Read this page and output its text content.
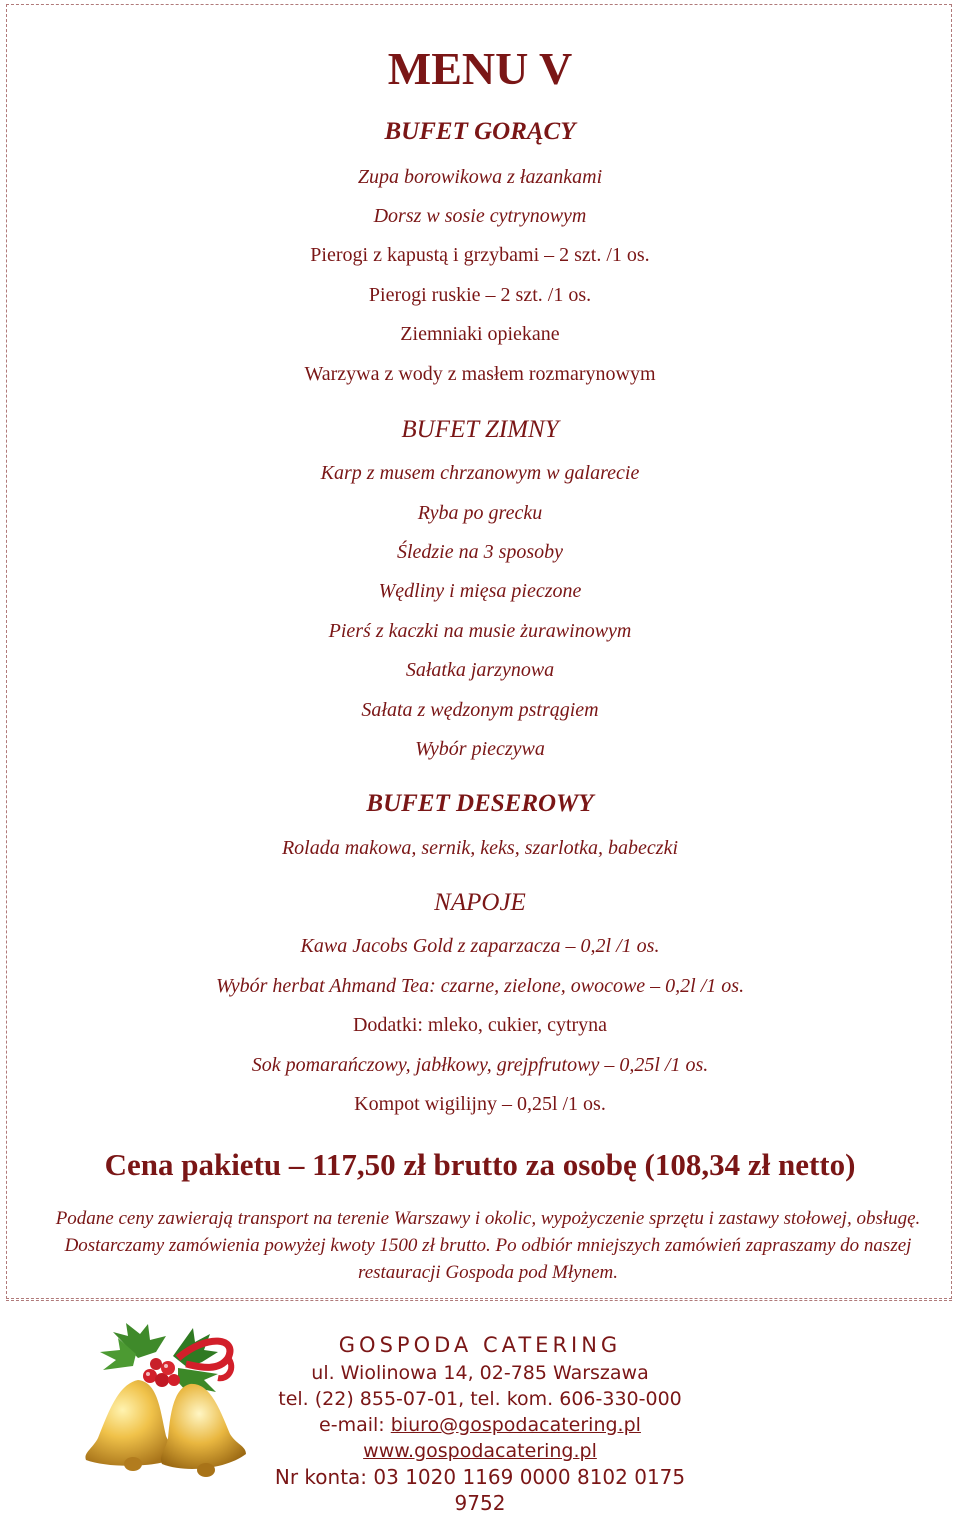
MENU V
BUFET GORĄCY
Zupa borowikowa z łazankami
Dorsz w sosie cytrynowym
Pierogi z kapustą i grzybami – 2 szt. /1 os.
Pierogi ruskie – 2 szt. /1 os.
Ziemniaki opiekane
Warzywa z wody z masłem rozmarynowym
BUFET ZIMNY
Karp z musem chrzanowym w galarecie
Ryba po grecku
Śledzie na 3 sposoby
Wędliny i mięsa pieczone
Pierś z kaczki na musie żurawinowym
Sałatka jarzynowa
Sałata z wędzonym pstrągiem
Wybór pieczywa
BUFET DESEROWY
Rolada makowa, sernik, keks, szarlotka, babeczki
NAPOJE
Kawa Jacobs Gold z zaparzacza – 0,2l /1 os.
Wybór herbat Ahmand Tea: czarne, zielone, owocowe – 0,2l /1 os.
Dodatki: mleko, cukier, cytryna
Sok pomarańczowy, jabłkowy, grejpfrutowy – 0,25l /1 os.
Kompot wigilijny – 0,25l /1 os.
Cena pakietu – 117,50 zł brutto za osobę (108,34 zł netto)
Podane ceny zawierają transport na terenie Warszawy i okolic, wypożyczenie sprzętu i zastawy stołowej, obsługę. Dostarczamy zamówienia powyżej kwoty 1500 zł brutto. Po odbiór mniejszych zamówień zapraszamy do naszej restauracji Gospoda pod Młynem.
GOSPODA CATERING
ul. Wiolinowa 14, 02-785 Warszawa
tel. (22) 855-07-01, tel. kom. 606-330-000
e-mail: biuro@gospodacatering.pl
www.gospodacatering.pl
Nr konta: 03 1020 1169 0000 8102 0175 9752
